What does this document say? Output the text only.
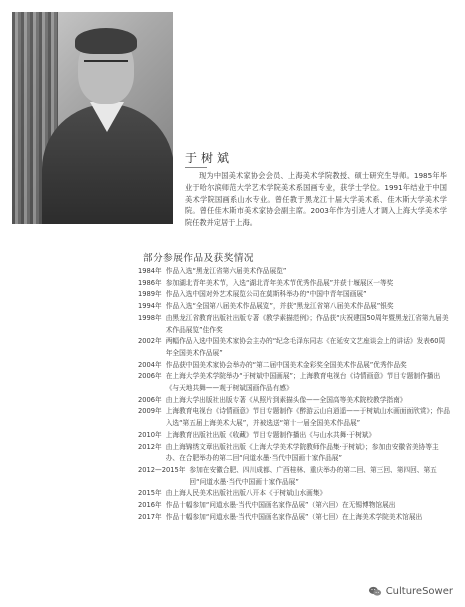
于树斌

现为中国美术家协会会员、上海美术学院教授、硕士研究生导师。1985年毕业于哈尔滨师范大学艺术学院美术系国画专业，获学士学位。1991年结业于中国美术学院国画系山水专业。曾任教于黑龙江十届大学美术系、佳木斯大学美术学院。曾任佳木斯市美术家协会副主席。2003年作为引进人才调入上海大学美术学院任教并定居于上海。

部分参展作品及获奖情况
1984年 作品入选“黑龙江省第六届美术作品展览”
1986年 参加湖北青年美术节，入选“湖北青年美术节优秀作品展”并获十堰展区一等奖
1989年 作品入选中国对外艺术展览公司在莫斯科举办的“中国中青年国画展”
1994年 作品入选“全国第八届美术作品展览”，并获“黑龙江省第八届美术作品展”银奖
1998年 由黑龙江省教育出版社出版专著《教学素描范例》；作品获“庆祝建国50周年暨黑龙江省第九届美术作品展览”佳作奖
2002年 两幅作品入选中国美术家协会主办的“纪念毛泽东同志《在延安文艺座谈会上的讲话》发表60周年全国美术作品展”
2004年 作品获中国美术家协会举办的“第二届中国美术金彩奖全国美术作品展”优秀作品奖
2006年 在上海大学美术学院举办“于树斌中国画展”；上海教育电视台《诗情画意》节目专题制作播出《与天地共舞——观于树斌国画作品有感》
2006年 由上海大学出版社出版专著《从照片到素描头像——全国高等美术院校教学指南》
2009年 上海教育电视台《诗情画意》节目专题制作《醉游云山自逍遥——于树斌山水画面面欣赏》；作品入选“第五届上海美术大展”，并被选送“第十一届全国美术作品展”
2010年 上海教育出版社出版《收藏》节目专题制作播出《与山水共舞·于树斌》
2012年 由上海锦绣文章出版社出版《上海大学美术学院教师作品集·于树斌》；参加由安徽省美协等主办、在合肥举办的第二回“问道水墨·当代中国画十家作品展”
2012—2015年 参加在安徽合肥、四川成都、广西桂林、重庆举办的第二回、第三回、第四回、第五回“问道水墨·当代中国画十家作品展”
2015年 由上海人民美术出版社出版八开本《于树斌山水画集》
2016年 作品十幅参加“问道水墨·当代中国画名家作品展”（第六回）在无锡博物馆展出
2017年 作品十幅参加“问道水墨·当代中国画名家作品展”（第七回）在上海美术学院美术馆展出
CultureSower
